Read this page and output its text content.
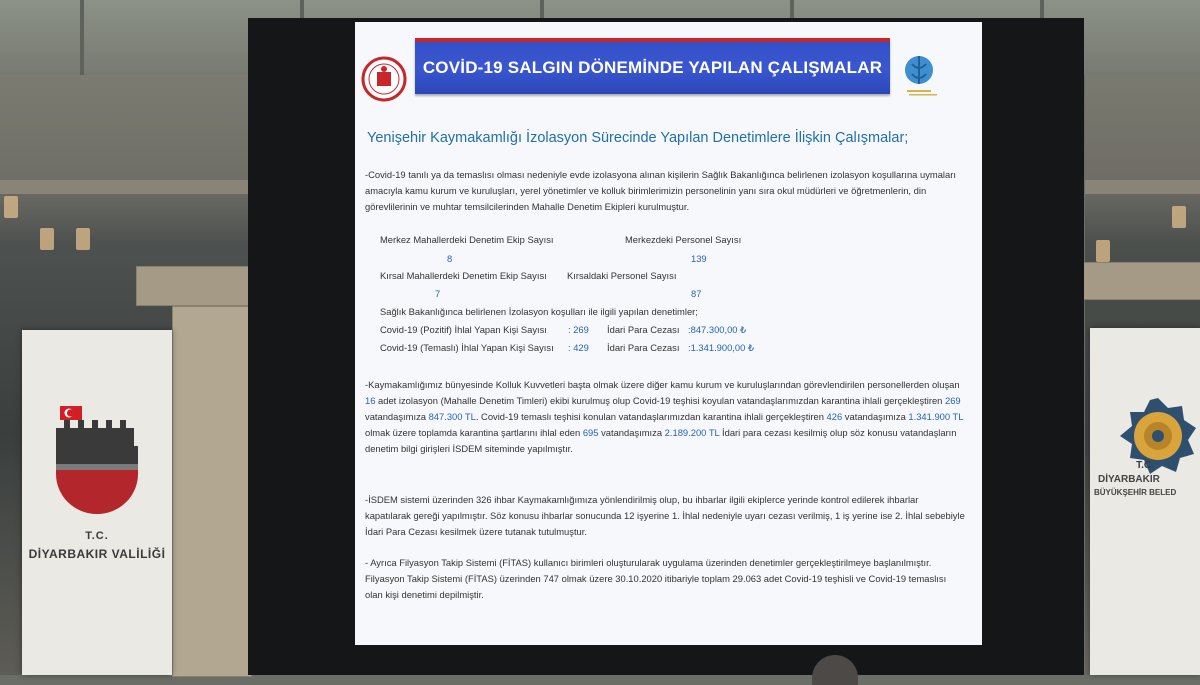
T.C.
DİYARBAKIR VALİLİĞİ
T.C.
DİYARBAKIR
BÜYÜKŞEHİR BELED
COVİD-19 SALGIN DÖNEMİNDE YAPILAN ÇALIŞMALAR
Yenişehir Kaymakamlığı İzolasyon Sürecinde Yapılan Denetimlere İlişkin Çalışmalar;
-Covid-19 tanılı ya da temaslısı olması nedeniyle evde izolasyona alınan kişilerin Sağlık Bakanlığınca belirlenen izolasyon koşullarına uymaları amacıyla kamu kurum ve kuruluşları, yerel yönetimler ve kolluk birimlerimizin personelinin yanı sıra okul müdürleri ve öğretmenlerin, din görevlilerinin ve muhtar temsilcilerinden Mahalle Denetim Ekipleri kurulmuştur.
Merkez Mahallerdeki Denetim Ekip Sayısı	Merkezdeki Personel Sayısı
8	139
Kırsal Mahallerdeki Denetim Ekip Sayısı Kırsaldaki Personel Sayısı
7	87
Sağlık Bakanlığınca belirlenen İzolasyon koşulları ile ilgili yapılan denetimler;
Covid-19 (Pozitif) İhlal Yapan Kişi Sayısı : 269 İdari Para Cezası :847.300,00 ₺
Covid-19 (Temaslı) İhlal Yapan Kişi Sayısı : 429 İdari Para Cezası :1.341.900,00 ₺
-Kaymakamlığımız bünyesinde Kolluk Kuvvetleri başta olmak üzere diğer kamu kurum ve kuruluşlarından görevlendirilen personellerden oluşan 16 adet izolasyon (Mahalle Denetim Timleri) ekibi kurulmuş olup Covid-19 teşhisi koyulan vatandaşlarımızdan karantina ihlali gerçekleştiren 269 vatandaşımıza 847.300 TL. Covid-19 temaslı teşhisi konulan vatandaşlarımızdan karantina ihlali gerçekleştiren 426 vatandaşımıza 1.341.900 TL olmak üzere toplamda karantina şartlarını ihlal eden 695 vatandaşımıza 2.189.200 TL İdari para cezası kesilmiş olup söz konusu vatandaşların denetim bilgi girişleri İSDEM siteminde yapılmıştır.
-İSDEM sistemi üzerinden 326 ihbar Kaymakamlığımıza yönlendirilmiş olup, bu ihbarlar ilgili ekiplerce yerinde kontrol edilerek ihbarlar kapatılarak gereği yapılmıştır. Söz konusu ihbarlar sonucunda 12 işyerine 1. İhlal nedeniyle uyarı cezası verilmiş, 1 iş yerine ise 2. İhlal sebebiyle İdari Para Cezası kesilmek üzere tutanak tutulmuştur.
- Ayrıca Filyasyon Takip Sistemi (FİTAS) kullanıcı birimleri oluşturularak uygulama üzerinden denetimler gerçekleştirilmeye başlanılmıştır. Filyasyon Takip Sistemi (FİTAS) üzerinden 747 olmak üzere 30.10.2020 itibariyle toplam 29.063 adet Covid-19 teşhisli ve Covid-19 temaslısı olan kişi denetimi depilmiştir.
